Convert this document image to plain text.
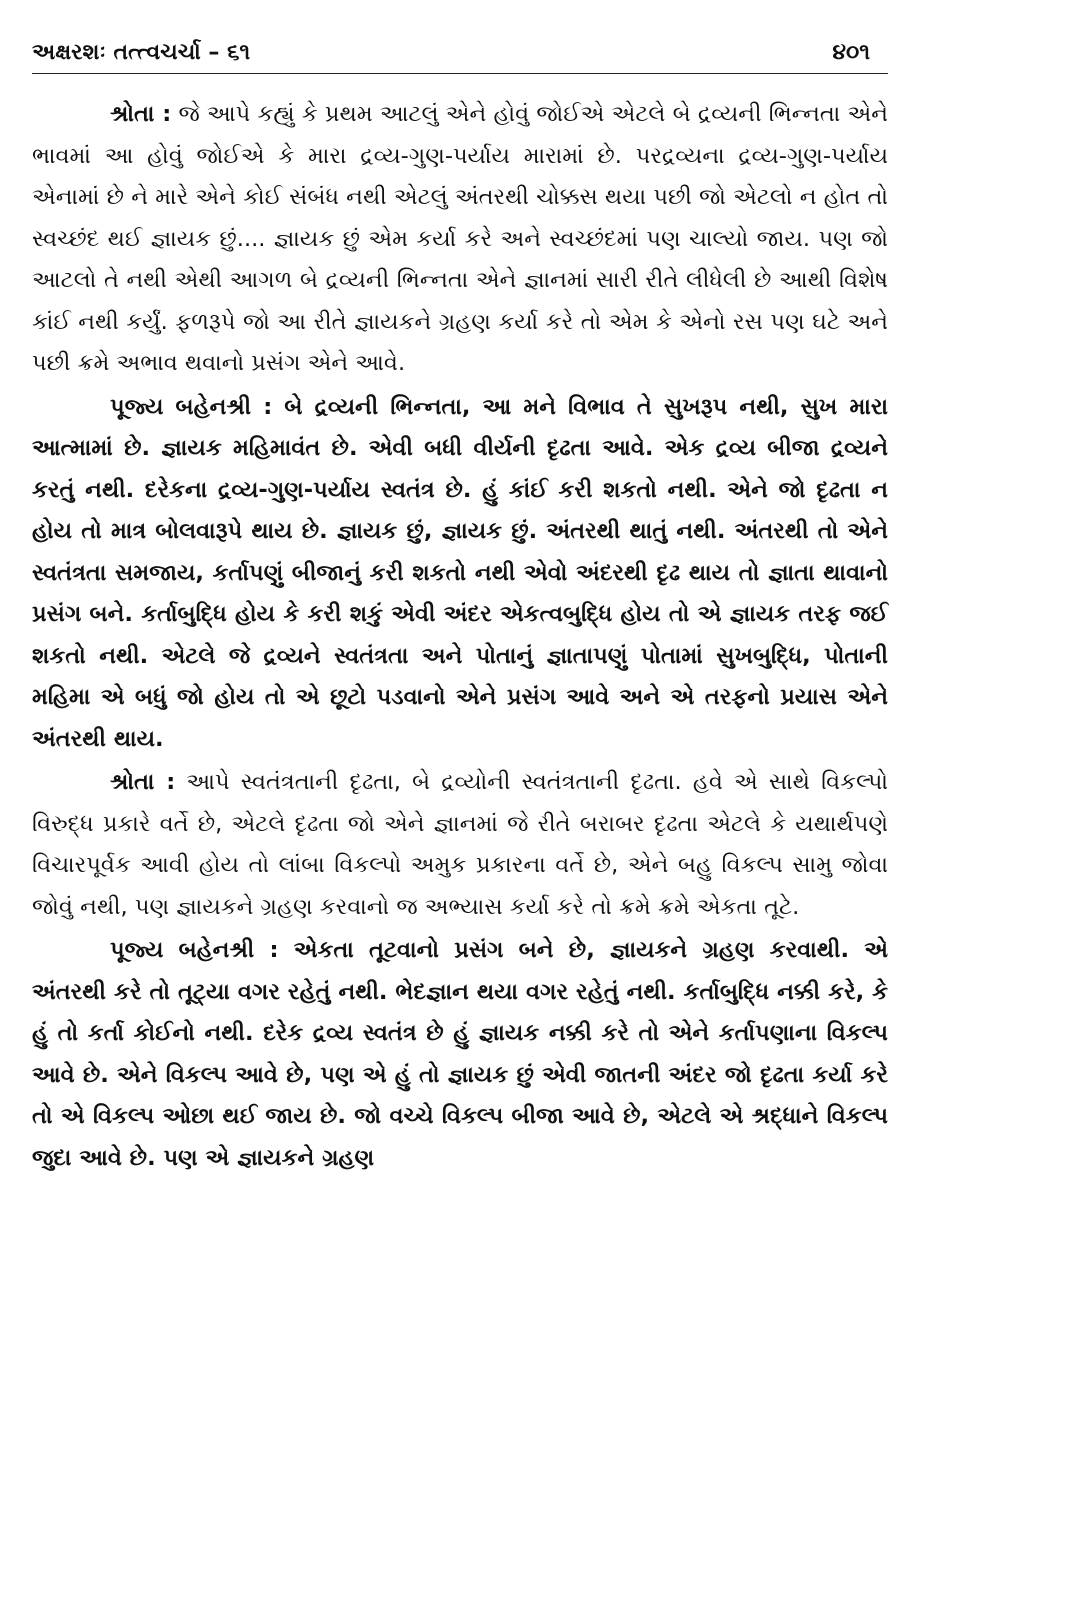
અક્ષરશઃ તત્ત્વચર્ચા – ૬૧	૪૦૧

શ્રોતા : જે આપે કહ્યું કે પ્રથમ આટલું એને હોવું જોઈએ એટલે બે દ્રવ્યની ભિન્નતા એને ભાવમાં આ હોવું જોઈએ કે મારા દ્રવ્ય-ગુણ-પર્યાય મારામાં છે. પરદ્રવ્યના દ્રવ્ય-ગુણ-પર્યાય એનામાં છે ને મારે એને કોઈ સંબંધ નથી એટલું અંતરથી ચોક્કસ થયા પછી જો એટલો ન હોત તો સ્વચ્છંદ થઈ જ્ઞાયક છું.... જ્ઞાયક છું એમ કર્યા કરે અને સ્વચ્છંદમાં પણ ચાલ્યો જાય. પણ જો આટલો તે નથી એથી આગળ બે દ્રવ્યની ભિન્નતા એને જ્ઞાનમાં સારી રીતે લીધેલી છે આથી વિશેષ કાંઈ નથી કર્યું. ફળરૂપે જો આ રીતે જ્ઞાયકને ગ્રહણ કર્યા કરે તો એમ કે એનો રસ પણ ઘટે અને પછી ક્રમે અભાવ થવાનો પ્રસંગ એને આવે.

પૂજ્ય બહેનશ્રી : બે દ્રવ્યની ભિન્નતા, આ મને વિભાવ તે સુખરૂપ નથી, સુખ મારા આત્મામાં છે. જ્ઞાયક મહિમાવંત છે. એવી બધી વીર્યની દૃઢતા આવે. એક દ્રવ્ય બીજા દ્રવ્યને કરતું નથી. દરેકના દ્રવ્ય-ગુણ-પર્યાય સ્વતંત્ર છે. હું કાંઈ કરી શકતો નથી. એને જો દૃઢતા ન હોય તો માત્ર બોલવારૂપે થાય છે. જ્ઞાયક છું, જ્ઞાયક છું. અંતરથી થાતું નથી. અંતરથી તો એને સ્વતંત્રતા સમજાય, કર્તાપણું બીજાનું કરી શકતો નથી એવો અંદરથી દૃઢ થાય તો જ્ઞાતા થાવાનો પ્રસંગ બને. કર્તાબુદ્ધિ હોય કે કરી શકું એવી અંદર એકત્વબુદ્ધિ હોય તો એ જ્ઞાયક તરફ જઈ શકતો નથી. એટલે જે દ્રવ્યને સ્વતંત્રતા અને પોતાનું જ્ઞાતાપણું પોતામાં સુખબુદ્ધિ, પોતાની મહિમા એ બધું જો હોય તો એ છૂટો પડવાનો એને પ્રસંગ આવે અને એ તરફનો પ્રયાસ એને અંતરથી થાય.

શ્રોતા : આપે સ્વતંત્રતાની દૃઢતા, બે દ્રવ્યોની સ્વતંત્રતાની દૃઢતા. હવે એ સાથે વિકલ્પો વિરુદ્ધ પ્રકારે વર્તે છે, એટલે દૃઢતા જો એને જ્ઞાનમાં જે રીતે બરાબર દૃઢતા એટલે કે યથાર્થપણે વિચારપૂર્વક આવી હોય તો લાંબા વિકલ્પો અમુક પ્રકારના વર્તે છે, એને બહુ વિકલ્પ સામુ જોવા જોવું નથી, પણ જ્ઞાયકને ગ્રહણ કરવાનો જ અભ્યાસ કર્યા કરે તો ક્રમે ક્રમે એકતા તૂટે.

પૂજ્ય બહેનશ્રી : એકતા તૂટવાનો પ્રસંગ બને છે, જ્ઞાયકને ગ્રહણ કરવાથી. એ અંતરથી કરે તો તૂટ્યા વગર રહેતું નથી. ભેદજ્ઞાન થયા વગર રહેતું નથી. કર્તાબુદ્ધિ નક્કી કરે, કે હું તો કર્તા કોઈનો નથી. દરેક દ્રવ્ય સ્વતંત્ર છે હું જ્ઞાયક નક્કી કરે તો એને કર્તાપણાના વિકલ્પ આવે છે. એને વિકલ્પ આવે છે, પણ એ હું તો જ્ઞાયક છું એવી જાતની અંદર જો દૃઢતા કર્યા કરે તો એ વિકલ્પ ઓછા થઈ જાય છે. જો વચ્ચે વિકલ્પ બીજા આવે છે, એટલે એ શ્રદ્ધાને વિકલ્પ જુદા આવે છે. પણ એ જ્ઞાયકને ગ્રહણ
